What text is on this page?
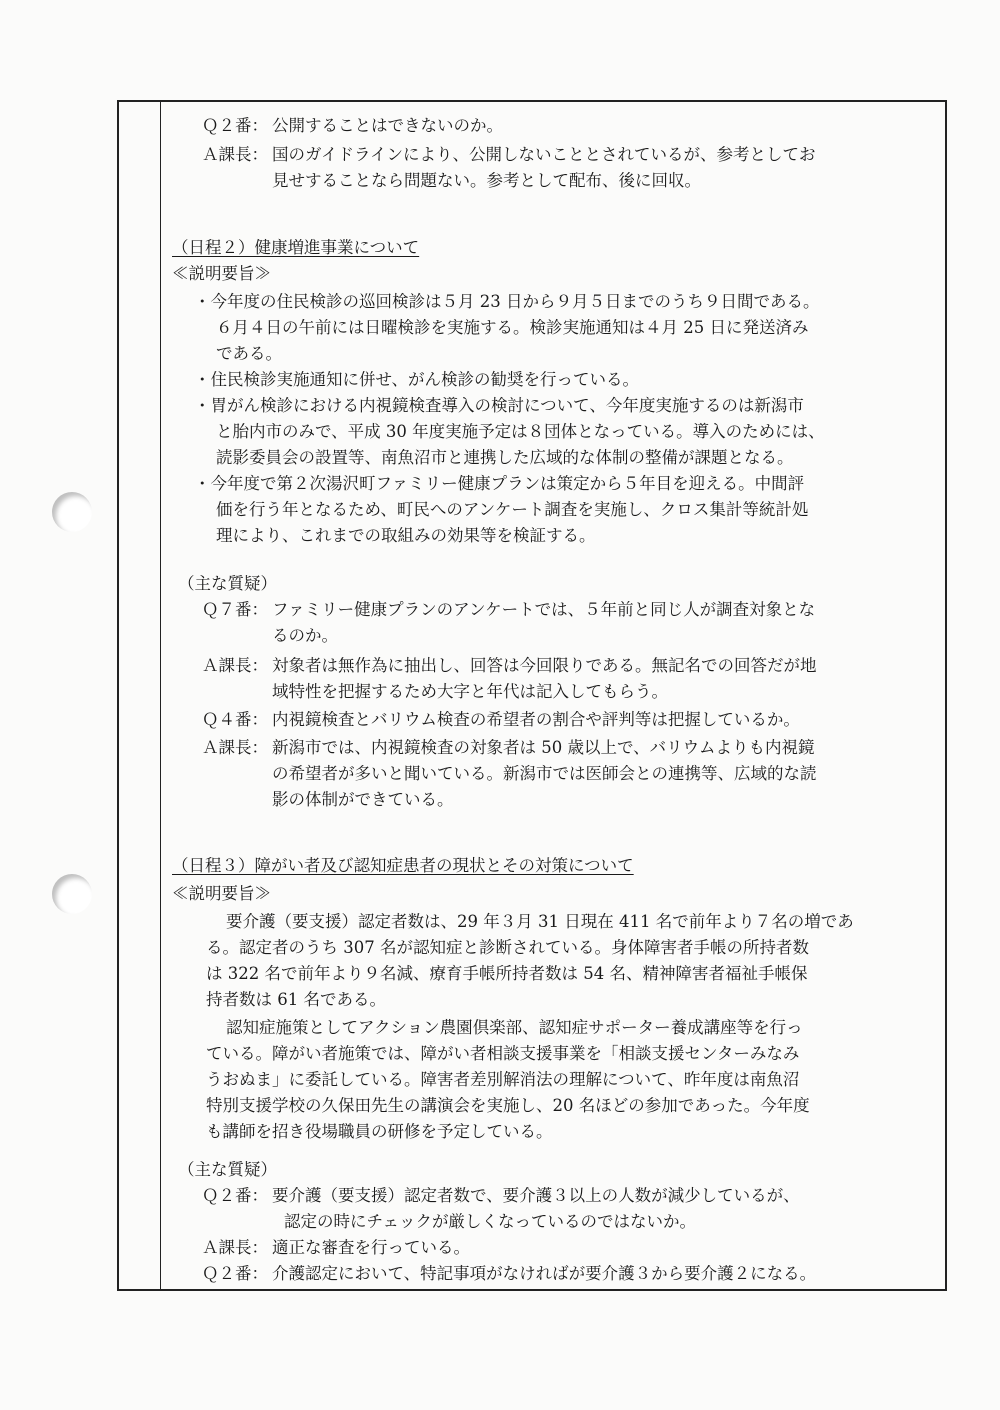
Ｑ２番： 公開することはできないのか。
Ａ課長： 国のガイドラインにより、公開しないこととされているが、参考としてお
見せすることなら問題ない。参考として配布、後に回収。
（日程２）健康増進事業について
≪説明要旨≫
・今年度の住民検診の巡回検診は５月 23 日から９月５日までのうち９日間である。
６月４日の午前には日曜検診を実施する。検診実施通知は４月 25 日に発送済み
である。
・住民検診実施通知に併せ、がん検診の勧奨を行っている。
・胃がん検診における内視鏡検査導入の検討について、今年度実施するのは新潟市
と胎内市のみで、平成 30 年度実施予定は８団体となっている。導入のためには、
読影委員会の設置等、南魚沼市と連携した広域的な体制の整備が課題となる。
・今年度で第２次湯沢町ファミリー健康プランは策定から５年目を迎える。中間評
価を行う年となるため、町民へのアンケート調査を実施し、クロス集計等統計処
理により、これまでの取組みの効果等を検証する。
（主な質疑）
Ｑ７番： ファミリー健康プランのアンケートでは、５年前と同じ人が調査対象とな
るのか。
Ａ課長： 対象者は無作為に抽出し、回答は今回限りである。無記名での回答だが地
域特性を把握するため大字と年代は記入してもらう。
Ｑ４番： 内視鏡検査とバリウム検査の希望者の割合や評判等は把握しているか。
Ａ課長： 新潟市では、内視鏡検査の対象者は 50 歳以上で、バリウムよりも内視鏡
の希望者が多いと聞いている。新潟市では医師会との連携等、広域的な読
影の体制ができている。
（日程３）障がい者及び認知症患者の現状とその対策について
≪説明要旨≫
要介護（要支援）認定者数は、29 年３月 31 日現在 411 名で前年より７名の増であ
る。認定者のうち 307 名が認知症と診断されている。身体障害者手帳の所持者数
は 322 名で前年より９名減、療育手帳所持者数は 54 名、精神障害者福祉手帳保
持者数は 61 名である。
認知症施策としてアクション農園倶楽部、認知症サポーター養成講座等を行っ
ている。障がい者施策では、障がい者相談支援事業を「相談支援センターみなみ
うおぬま」に委託している。障害者差別解消法の理解について、昨年度は南魚沼
特別支援学校の久保田先生の講演会を実施し、20 名ほどの参加であった。今年度
も講師を招き役場職員の研修を予定している。
（主な質疑）
Ｑ２番： 要介護（要支援）認定者数で、要介護３以上の人数が減少しているが、
認定の時にチェックが厳しくなっているのではないか。
Ａ課長： 適正な審査を行っている。
Ｑ２番： 介護認定において、特記事項がなければが要介護３から要介護２になる。
